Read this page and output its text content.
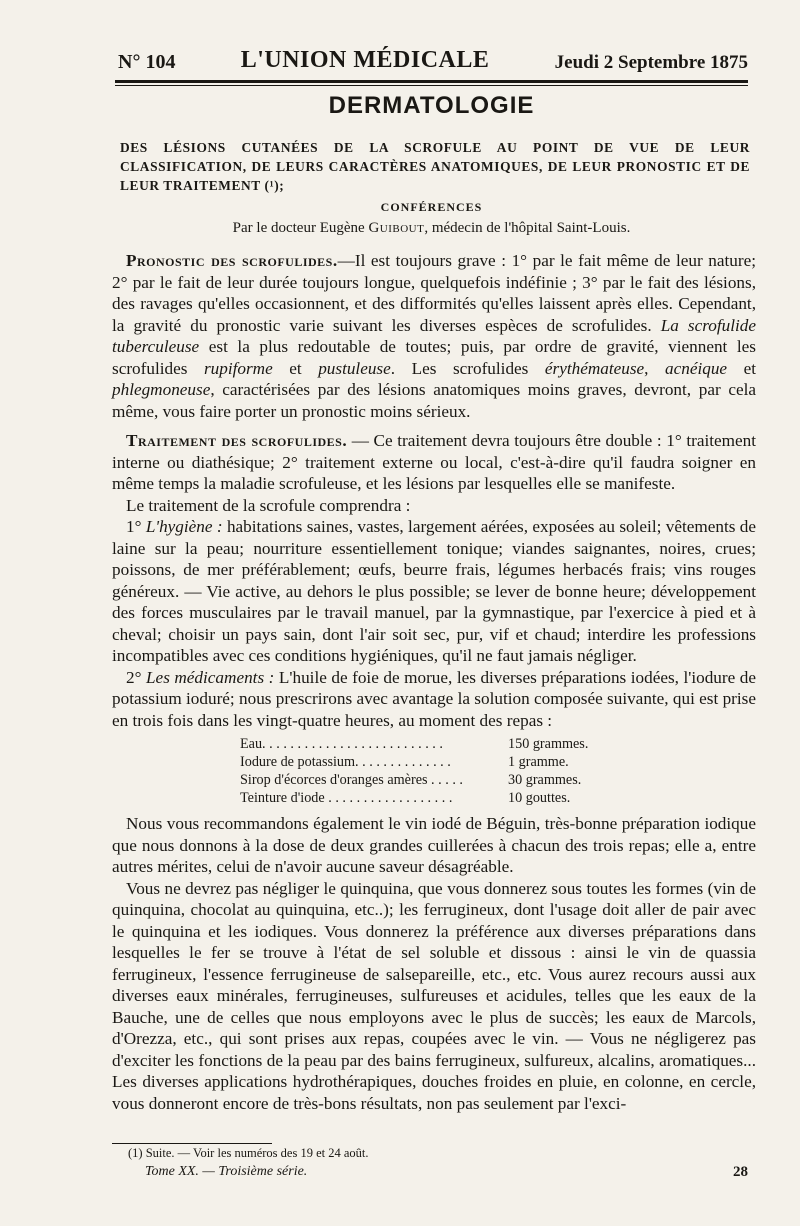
N° 104	L'UNION MÉDICALE	Jeudi 2 Septembre 1875
DERMATOLOGIE
DES LÉSIONS CUTANÉES DE LA SCROFULE AU POINT DE VUE DE LEUR CLASSIFICATION, DE LEURS CARACTÈRES ANATOMIQUES, DE LEUR PRONOSTIC ET DE LEUR TRAITEMENT (¹);
CONFÉRENCES
Par le docteur Eugène Guibout, médecin de l'hôpital Saint-Louis.

Pronostic des scrofulides.—Il est toujours grave : 1° par le fait même de leur nature; 2° par le fait de leur durée toujours longue, quelquefois indéfinie ; 3° par le fait des lésions, des ravages qu'elles occasionnent, et des difformités qu'elles laissent après elles. Cependant, la gravité du pronostic varie suivant les diverses espèces de scrofulides. La scrofulide tuberculeuse est la plus redoutable de toutes; puis, par ordre de gravité, viennent les scrofulides rupiforme et pustuleuse. Les scrofulides érythémateuse, acnéique et phlegmoneuse, caractérisées par des lésions anatomiques moins graves, devront, par cela même, vous faire porter un pronostic moins sérieux.

Traitement des scrofulides. — Ce traitement devra toujours être double : 1° traitement interne ou diathésique; 2° traitement externe ou local, c'est-à-dire qu'il faudra soigner en même temps la maladie scrofuleuse, et les lésions par lesquelles elle se manifeste.

Le traitement de la scrofule comprendra :

1° L'hygiène : habitations saines, vastes, largement aérées, exposées au soleil; vêtements de laine sur la peau; nourriture essentiellement tonique; viandes saignantes, noires, crues; poissons, de mer préférablement; œufs, beurre frais, légumes herbacés frais; vins rouges généreux. — Vie active, au dehors le plus possible; se lever de bonne heure; développement des forces musculaires par le travail manuel, par la gymnastique, par l'exercice à pied et à cheval; choisir un pays sain, dont l'air soit sec, pur, vif et chaud; interdire les professions incompatibles avec ces conditions hygiéniques, qu'il ne faut jamais négliger.

2° Les médicaments : L'huile de foie de morue, les diverses préparations iodées, l'iodure de potassium ioduré; nous prescrirons avec avantage la solution composée suivante, qui est prise en trois fois dans les vingt-quatre heures, au moment des repas :

Eau. . . . . . . . . . . . . . . . . . . . . . . . . .	150 grammes.
Iodure de potassium. . . . . . . . . . . . . .	1 gramme.
Sirop d'écorces d'oranges amères . . . . .	30 grammes.
Teinture d'iode . . . . . . . . . . . . . . . . . .	10 gouttes.

Nous vous recommandons également le vin iodé de Béguin, très-bonne préparation iodique que nous donnons à la dose de deux grandes cuillerées à chacun des trois repas; elle a, entre autres mérites, celui de n'avoir aucune saveur désagréable.

Vous ne devrez pas négliger le quinquina, que vous donnerez sous toutes les formes (vin de quinquina, chocolat au quinquina, etc..); les ferrugineux, dont l'usage doit aller de pair avec le quinquina et les iodiques. Vous donnerez la préférence aux diverses préparations dans lesquelles le fer se trouve à l'état de sel soluble et dissous : ainsi le vin de quassia ferrugineux, l'essence ferrugineuse de salsepareille, etc., etc. Vous aurez recours aussi aux diverses eaux minérales, ferrugineuses, sulfureuses et acidules, telles que les eaux de la Bauche, une de celles que nous employons avec le plus de succès; les eaux de Marcols, d'Orezza, etc., qui sont prises aux repas, coupées avec le vin. — Vous ne négligerez pas d'exciter les fonctions de la peau par des bains ferrugineux, sulfureux, alcalins, aromatiques... Les diverses applications hydrothérapiques, douches froides en pluie, en colonne, en cercle, vous donneront encore de très-bons résultats, non pas seulement par l'exci-

(1) Suite. — Voir les numéros des 19 et 24 août.
Tome XX. — Troisième série.	28
